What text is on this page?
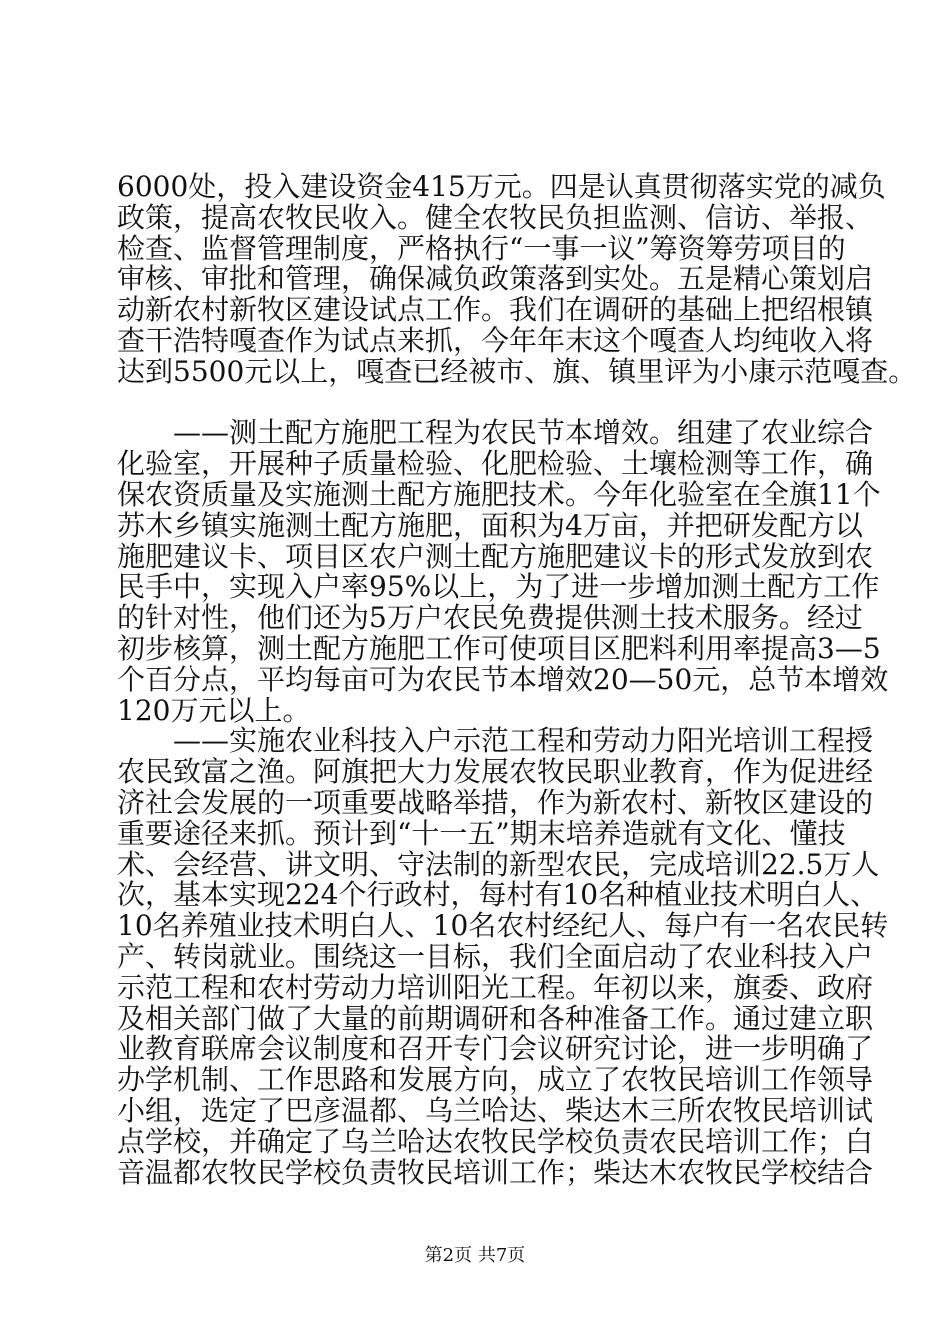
6000处，投入建设资金415万元。四是认真贯彻落实党的减负
政策，提高农牧民收入。健全农牧民负担监测、信访、举报、
检查、监督管理制度，严格执行“一事一议”筹资筹劳项目的
审核、审批和管理，确保减负政策落到实处。五是精心策划启
动新农村新牧区建设试点工作。我们在调研的基础上把绍根镇
查干浩特嘎查作为试点来抓，今年年末这个嘎查人均纯收入将
达到5500元以上，嘎查已经被市、旗、镇里评为小康示范嘎查。
——测土配方施肥工程为农民节本增效。组建了农业综合
化验室，开展种子质量检验、化肥检验、土壤检测等工作，确
保农资质量及实施测土配方施肥技术。今年化验室在全旗11个
苏木乡镇实施测土配方施肥，面积为4万亩，并把研发配方以
施肥建议卡、项目区农户测土配方施肥建议卡的形式发放到农
民手中，实现入户率95%以上，为了进一步增加测土配方工作
的针对性，他们还为5万户农民免费提供测土技术服务。经过
初步核算，测土配方施肥工作可使项目区肥料利用率提高3—5
个百分点，平均每亩可为农民节本增效20—50元，总节本增效
120万元以上。
——实施农业科技入户示范工程和劳动力阳光培训工程授
农民致富之渔。阿旗把大力发展农牧民职业教育，作为促进经
济社会发展的一项重要战略举措，作为新农村、新牧区建设的
重要途径来抓。预计到“十一五”期末培养造就有文化、懂技
术、会经营、讲文明、守法制的新型农民，完成培训22.5万人
次，基本实现224个行政村，每村有10名种植业技术明白人、
10名养殖业技术明白人、10名农村经纪人、每户有一名农民转
产、转岗就业。围绕这一目标，我们全面启动了农业科技入户
示范工程和农村劳动力培训阳光工程。年初以来，旗委、政府
及相关部门做了大量的前期调研和各种准备工作。通过建立职
业教育联席会议制度和召开专门会议研究讨论，进一步明确了
办学机制、工作思路和发展方向，成立了农牧民培训工作领导
小组，选定了巴彦温都、乌兰哈达、柴达木三所农牧民培训试
点学校，并确定了乌兰哈达农牧民学校负责农民培训工作；白
音温都农牧民学校负责牧民培训工作；柴达木农牧民学校结合
第2页 共7页
